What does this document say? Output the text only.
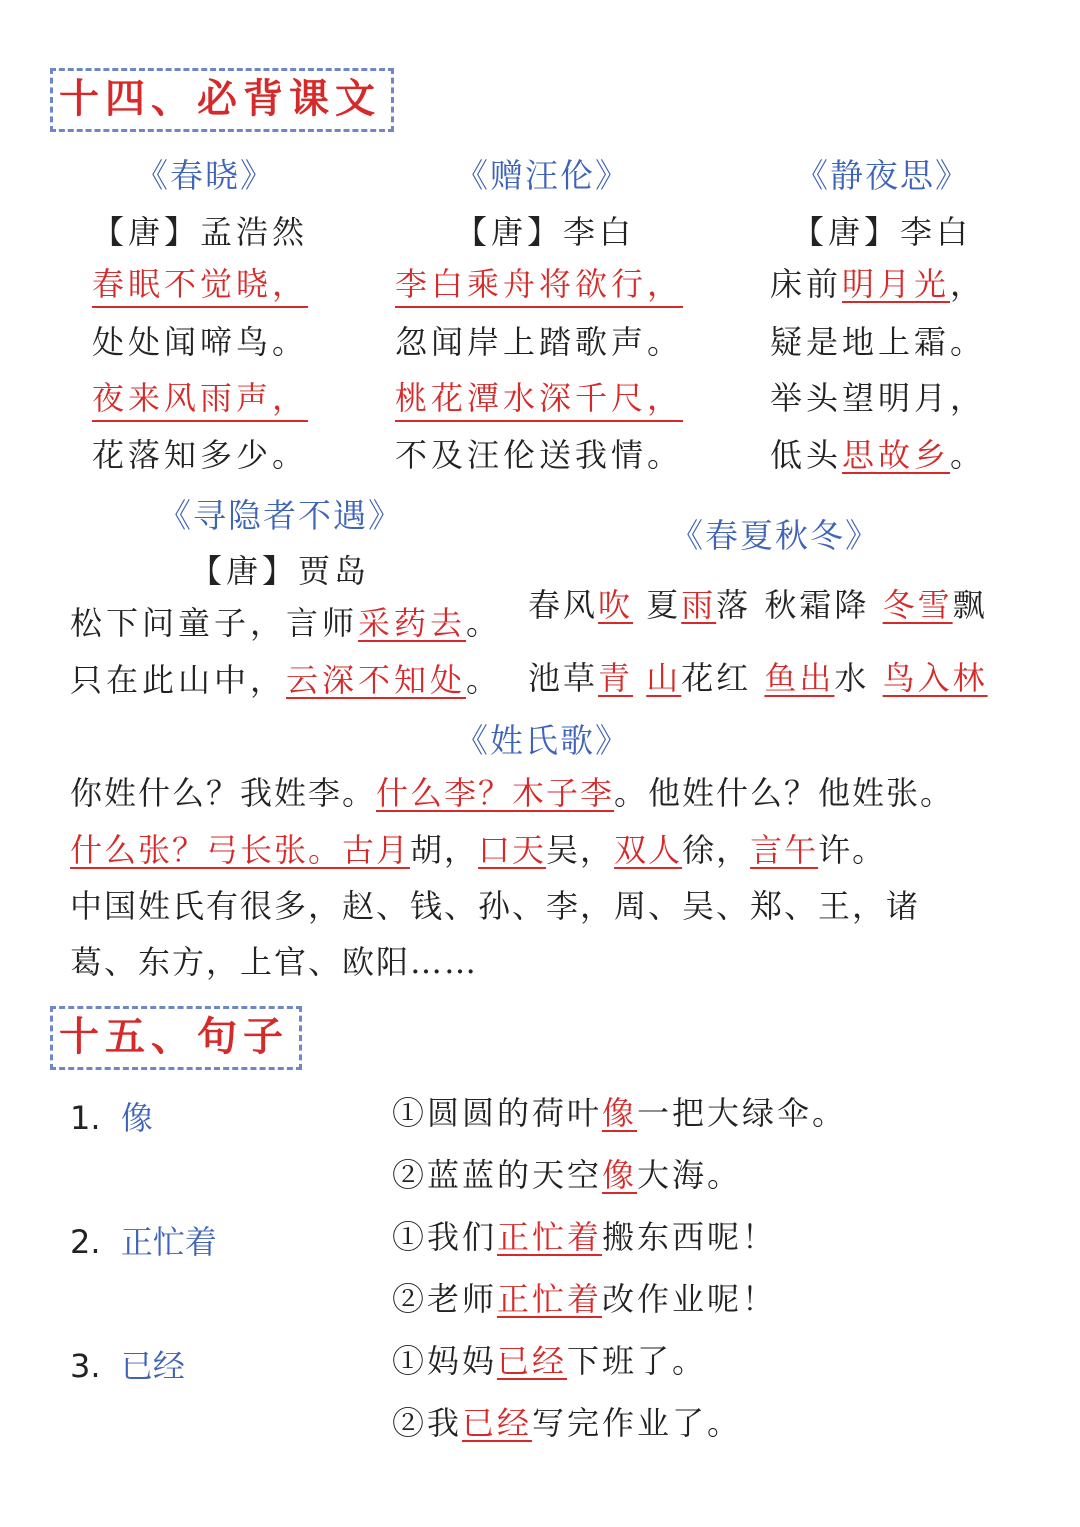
十四、必背课文
《春晓》
【唐】孟浩然
春眠不觉晓，
处处闻啼鸟。
夜来风雨声，
花落知多少。
《赠汪伦》
【唐】李白
李白乘舟将欲行，
忽闻岸上踏歌声。
桃花潭水深千尺，
不及汪伦送我情。
《静夜思》
【唐】李白
床前明月光，
疑是地上霜。
举头望明月，
低头思故乡。
《寻隐者不遇》
【唐】贾岛
松下问童子，言师采药去。
只在此山中，云深不知处。
《春夏秋冬》
春风吹 夏雨落 秋霜降 冬雪飘
池草青 山花红 鱼出水 鸟入林
《姓氏歌》
你姓什么？我姓李。什么李？木子李。他姓什么？他姓张。
什么张？弓长张。古月胡，口天吴，双人徐，言午许。
中国姓氏有很多，赵、钱、孙、李，周、吴、郑、王，诸
葛、东方，上官、欧阳……
十五、句子
1. 像	①圆圆的荷叶像一把大绿伞。
②蓝蓝的天空像大海。
2. 正忙着	①我们正忙着搬东西呢！
②老师正忙着改作业呢！
3. 已经	①妈妈已经下班了。
②我已经写完作业了。
